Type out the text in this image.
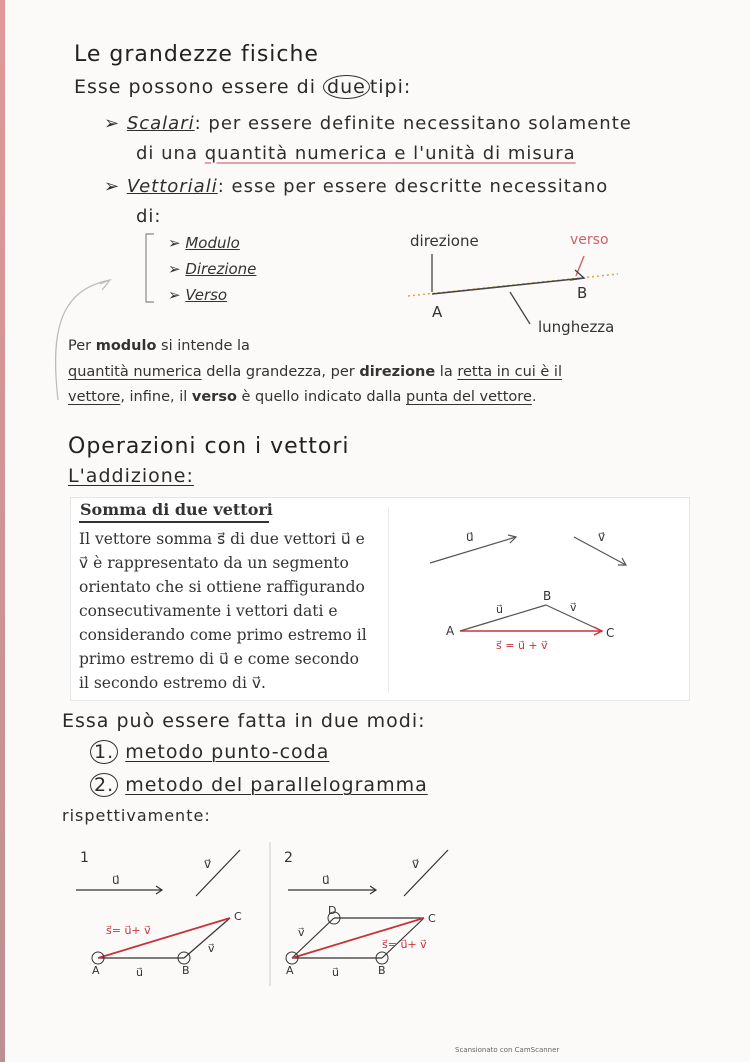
Le grandezze fisiche
Esse possono essere di due tipi:
➢ Scalari: per essere definite necessitano solamente
di una quantità numerica e l'unità di misura
➢ Vettoriali: esse per essere descritte necessitano
di:
➢ Modulo
➢ Direzione
➢ Verso
direzione	verso
A
B
lunghezza
Per modulo si intende la
quantità numerica della grandezza, per direzione la retta in cui è il
vettore, infine, il verso è quello indicato dalla punta del vettore.
Operazioni con i vettori
L'addizione:
Somma di due vettori
Il vettore somma s⃗ di due vettori u⃗ e v⃗ è rappresentato da un segmento orientato che si ottiene raffigurando consecutivamente i vettori dati e considerando come primo estremo il primo estremo di u⃗ e come secondo il secondo estremo di v⃗.
u⃗	v⃗
A
B
C
u⃗	v⃗
s⃗ = u⃗ + v⃗
Essa può essere fatta in due modi:
1. metodo punto-coda
2. metodo del parallelogramma
rispettivamente:
1
u⃗
v⃗
A	B
C
s⃗= u⃗+ v⃗
u⃗
v⃗
2
u⃗
v⃗
A	B
C
D
s⃗= u⃗+ v⃗
u⃗
v⃗
Scansionato con CamScanner
